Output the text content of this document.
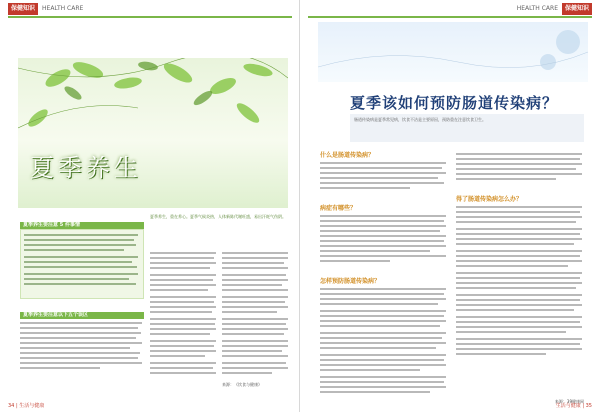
保健知识 HEALTH CARE
夏季养生
夏季养生，重在养心。夏季气候炎热，人体新陈代谢旺盛，易出汗耗气伤阴。
夏季养生要注意 5 件事情
夏季养生要注意以下五个误区
来源：《饮食与健康》
34 | 生活与健康
HEALTH CARE 保健知识
夏季该如何预防肠道传染病？
肠道传染病是夏季常见病，饮食不洁是主要原因，预防重在注意饮食卫生。
什么是肠道传染病？
病症有哪些？
怎样预防肠道传染病？
得了肠道传染病怎么办？
来源：39健康网
生活与健康 | 35
